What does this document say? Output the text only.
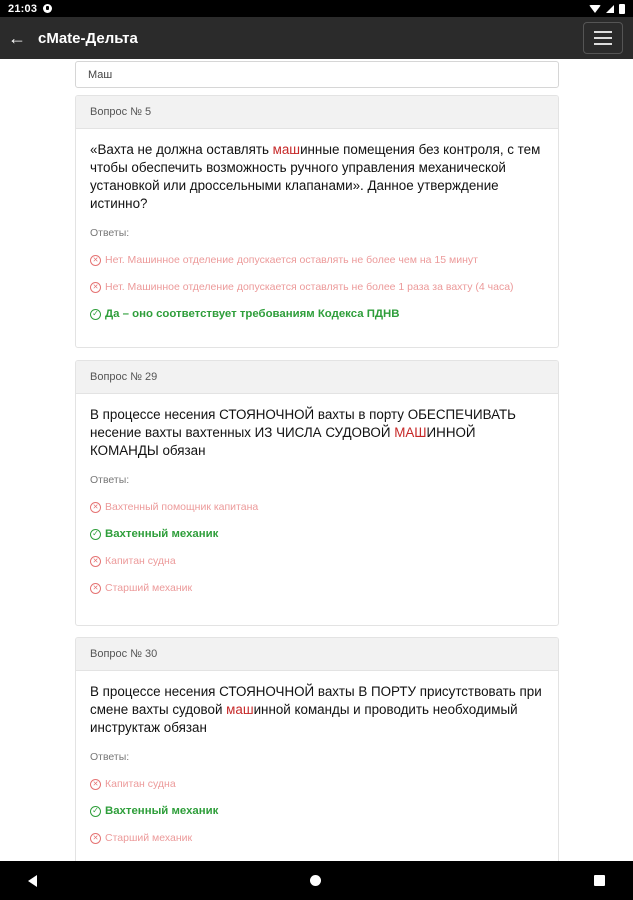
21:03
← cMate-Дельта
Маш
Вопрос № 5
«Вахта не должна оставлять машинные помещения без контроля, с тем чтобы обеспечить возможность ручного управления механической установкой или дроссельными клапанами». Данное утверждение истинно?
Ответы:
✕ Нет. Машинное отделение допускается оставлять не более чем на 15 минут
✕ Нет. Машинное отделение допускается оставлять не более 1 раза за вахту (4 часа)
✓ Да – оно соответствует требованиям Кодекса ПДНВ
Вопрос № 29
В процессе несения СТОЯНОЧНОЙ вахты в порту ОБЕСПЕЧИВАТЬ несение вахты вахтенных ИЗ ЧИСЛА СУДОВОЙ МАШИННОЙ КОМАНДЫ обязан
Ответы:
✕ Вахтенный помощник капитана
✓ Вахтенный механик
✕ Капитан судна
✕ Старший механик
Вопрос № 30
В процессе несения СТОЯНОЧНОЙ вахты В ПОРТУ присутствовать при смене вахты судовой машинной команды и проводить необходимый инструктаж обязан
Ответы:
✕ Капитан судна
✓ Вахтенный механик
✕ Старший механик
